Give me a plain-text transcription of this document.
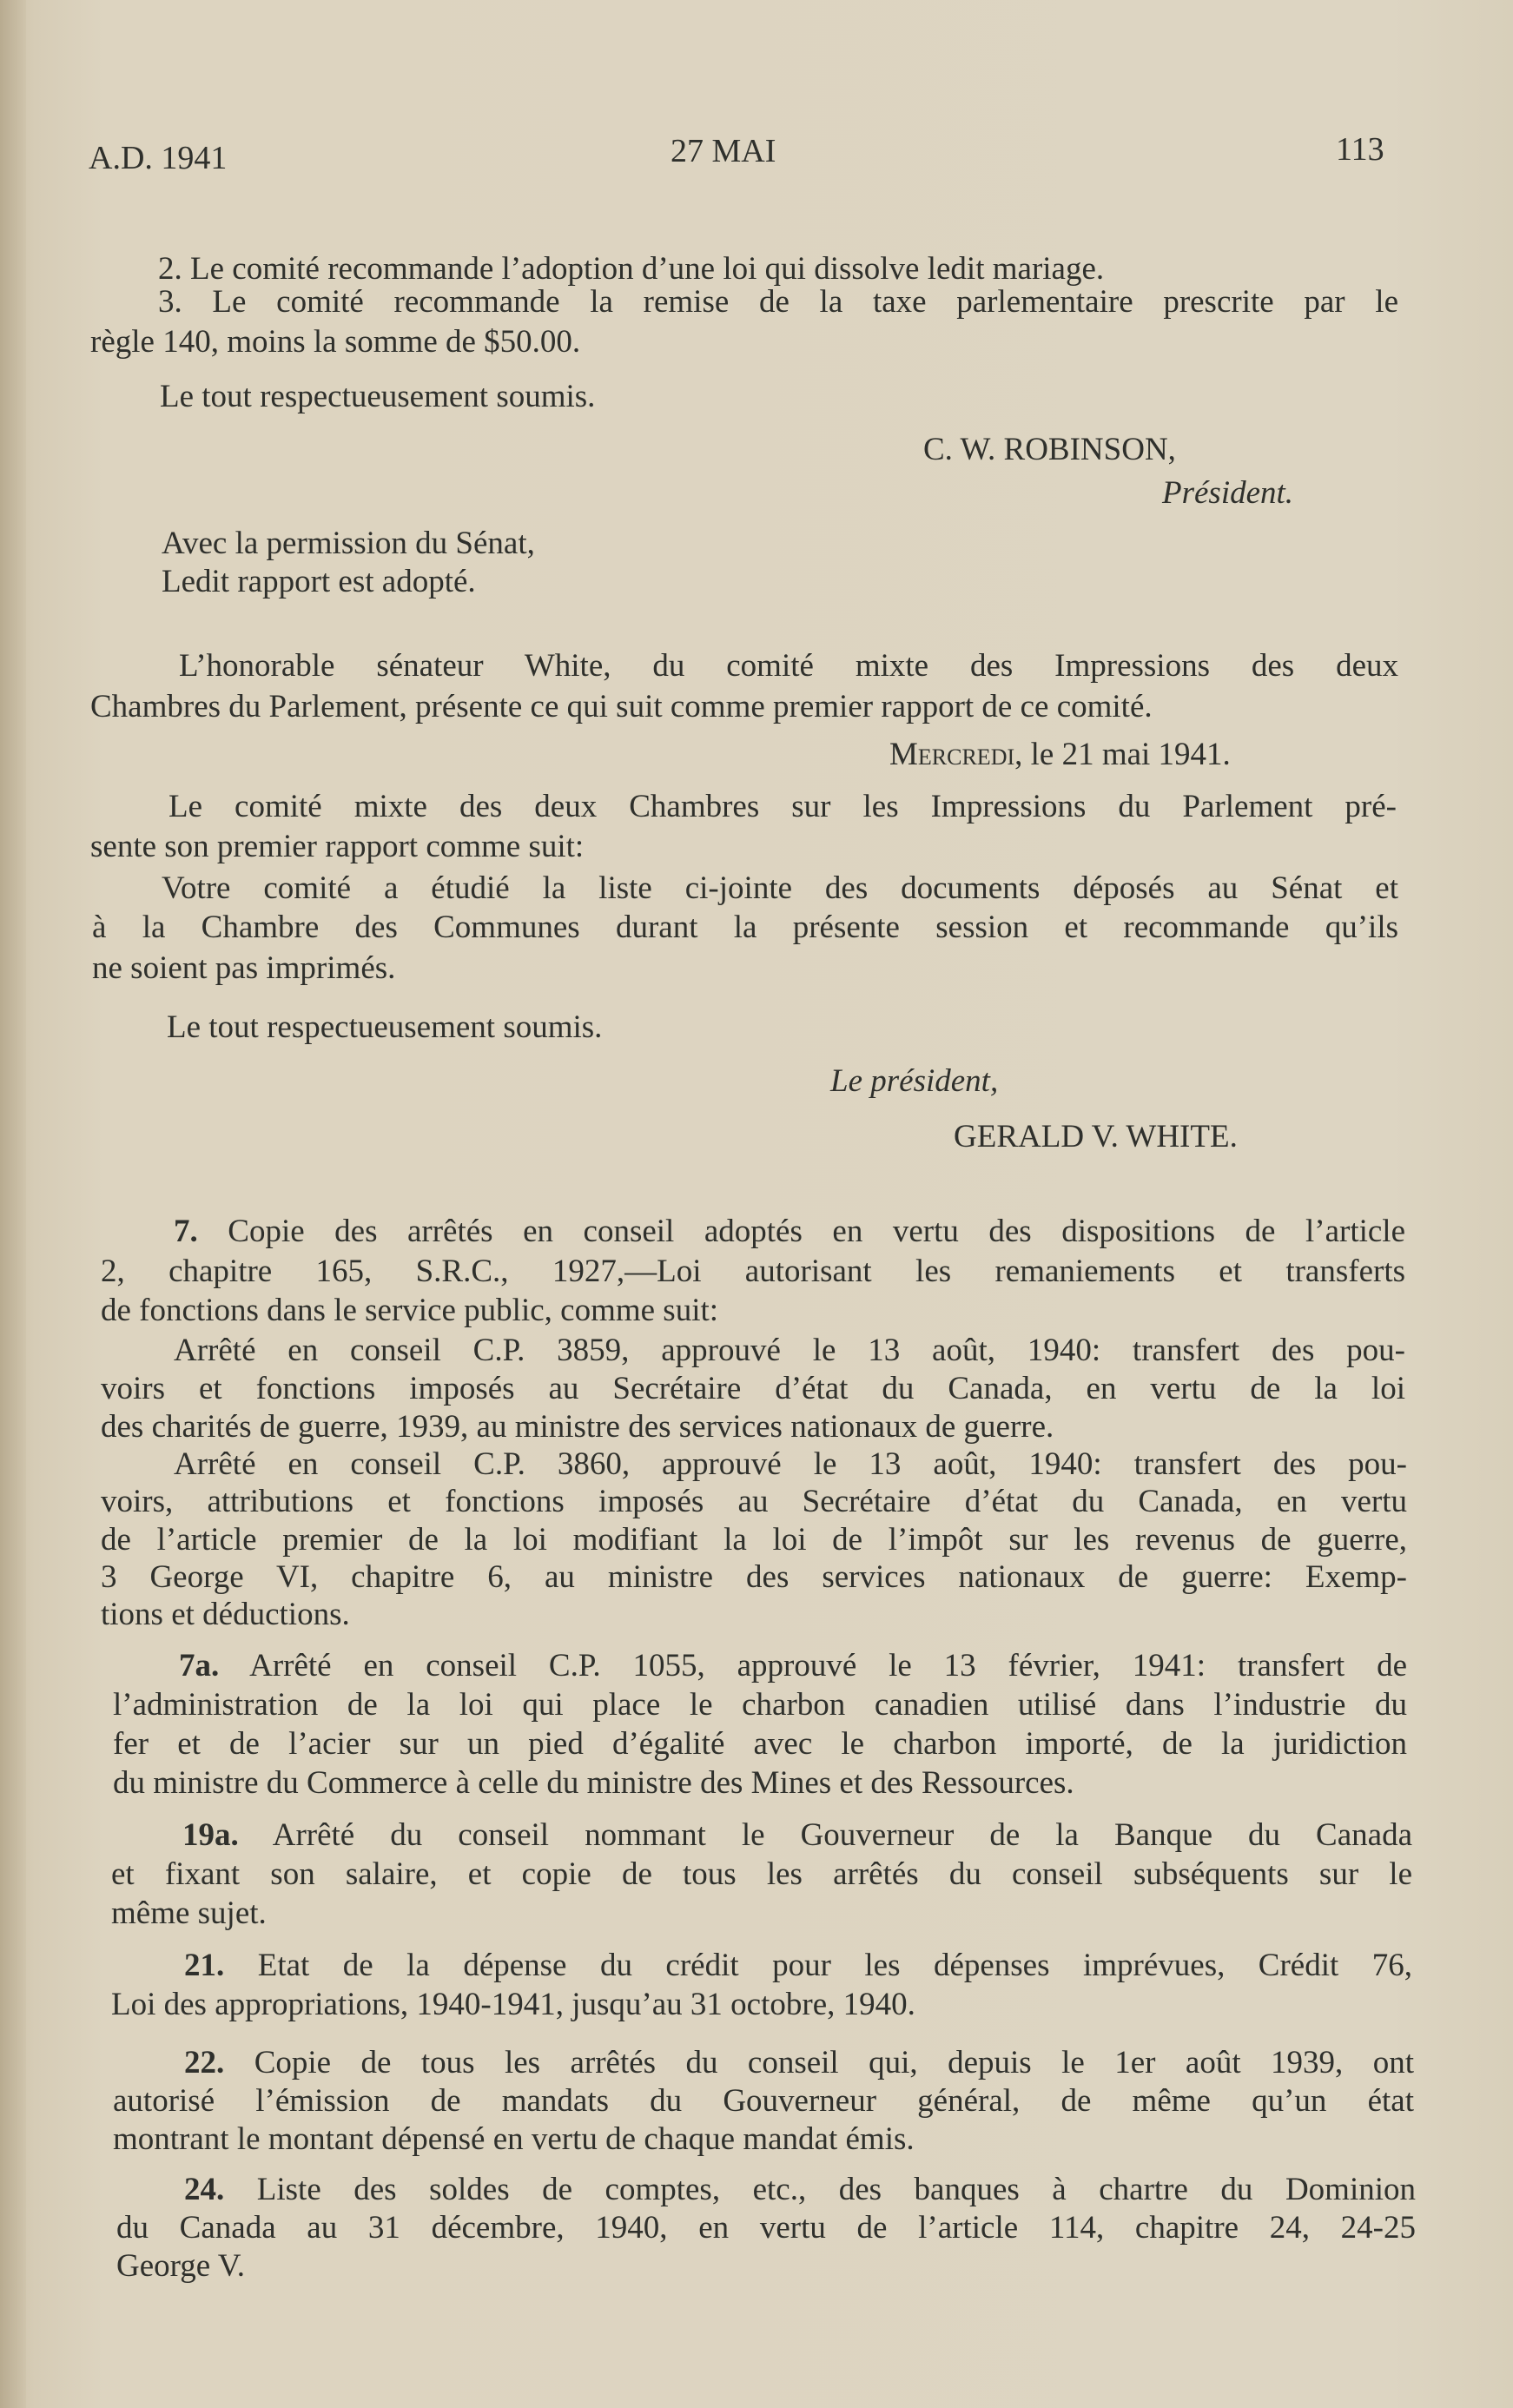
A.D. 1941	27 MAI	113
2. Le comité recommande l’adoption d’une loi qui dissolve ledit mariage.
3. Le comité recommande la remise de la taxe parlementaire prescrite par le
règle 140, moins la somme de $50.00.
Le tout respectueusement soumis.
C. W. ROBINSON,
Président.
Avec la permission du Sénat,
Ledit rapport est adopté.
L’honorable sénateur White, du comité mixte des Impressions des deux
Chambres du Parlement, présente ce qui suit comme premier rapport de ce comité.
Mercredi, le 21 mai 1941.
Le comité mixte des deux Chambres sur les Impressions du Parlement pré-
sente son premier rapport comme suit:
Votre comité a étudié la liste ci-jointe des documents déposés au Sénat et
à la Chambre des Communes durant la présente session et recommande qu’ils
ne soient pas imprimés.
Le tout respectueusement soumis.
Le président,
GERALD V. WHITE.
7. Copie des arrêtés en conseil adoptés en vertu des dispositions de l’article
2, chapitre 165, S.R.C., 1927,—Loi autorisant les remaniements et transferts
de fonctions dans le service public, comme suit:
Arrêté en conseil C.P. 3859, approuvé le 13 août, 1940: transfert des pou-
voirs et fonctions imposés au Secrétaire d’état du Canada, en vertu de la loi
des charités de guerre, 1939, au ministre des services nationaux de guerre.
Arrêté en conseil C.P. 3860, approuvé le 13 août, 1940: transfert des pou-
voirs, attributions et fonctions imposés au Secrétaire d’état du Canada, en vertu
de l’article premier de la loi modifiant la loi de l’impôt sur les revenus de guerre,
3 George VI, chapitre 6, au ministre des services nationaux de guerre: Exemp-
tions et déductions.
7a. Arrêté en conseil C.P. 1055, approuvé le 13 février, 1941: transfert de
l’administration de la loi qui place le charbon canadien utilisé dans l’industrie du
fer et de l’acier sur un pied d’égalité avec le charbon importé, de la juridiction
du ministre du Commerce à celle du ministre des Mines et des Ressources.
19a. Arrêté du conseil nommant le Gouverneur de la Banque du Canada
et fixant son salaire, et copie de tous les arrêtés du conseil subséquents sur le
même sujet.
21. Etat de la dépense du crédit pour les dépenses imprévues, Crédit 76,
Loi des appropriations, 1940-1941, jusqu’au 31 octobre, 1940.
22. Copie de tous les arrêtés du conseil qui, depuis le 1er août 1939, ont
autorisé l’émission de mandats du Gouverneur général, de même qu’un état
montrant le montant dépensé en vertu de chaque mandat émis.
24. Liste des soldes de comptes, etc., des banques à chartre du Dominion
du Canada au 31 décembre, 1940, en vertu de l’article 114, chapitre 24, 24-25
George V.
